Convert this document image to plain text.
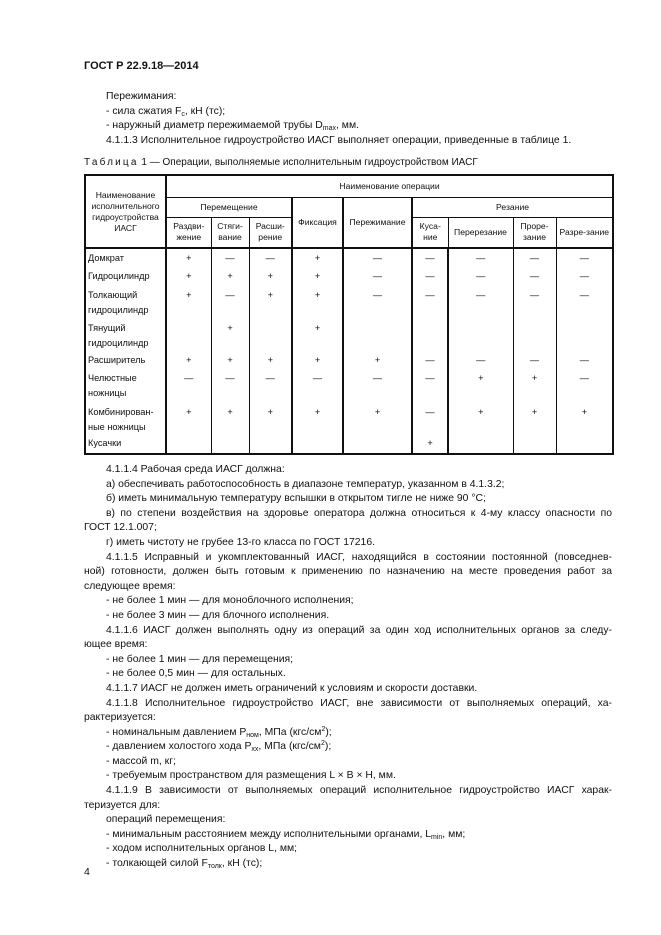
ГОСТ Р 22.9.18—2014
Пережимания:
- сила сжатия $F_c$, кН (тс);
- наружный диаметр пережимаемой трубы $D_{max}$, мм.
4.1.1.3 Исполнительное гидроустройство ИАСГ выполняет операции, приведенные в таблице 1.
Таблица 1 — Операции, выполняемые исполнительным гидроустройством ИАСГ
Наименование исполнительного гидроустройства ИАСГ	Наименование операции								
	Перемещение			Фиксация	Пережимание	Резание			
	Раздви-жение	Стяги-вание	Расши-рение			Куса-ние	Перерезание	Проре-зание	Разре-зание
Домкрат	+	—	—	+	—	—	—	—	—
Гидроцилиндр	+	+	+	+	—	—	—	—	—
Толкающий гидроцилиндр	+	—	+	+	—	—	—	—	—
Тянущий гидроцилиндр		+		+					
Расширитель	+	+	+	+	+	—	—	—	—
Челюстные ножницы	—	—	—	—	—	—	+	+	—
Комбинирован-ные ножницы	+	+	+	+	+	—	+	+	+
Кусачки						+			
4.1.1.4 Рабочая среда ИАСГ должна:
а) обеспечивать работоспособность в диапазоне температур, указанном в 4.1.3.2;
б) иметь минимальную температуру вспышки в открытом тигле не ниже 90 °С;
в) по степени воздействия на здоровье оператора должна относиться к 4-му классу опасности по
ГОСТ 12.1.007;
г) иметь чистоту не грубее 13-го класса по ГОСТ 17216.
4.1.1.5 Исправный и укомплектованный ИАСГ, находящийся в состоянии постоянной (повседнев-
ной) готовности, должен быть готовым к применению по назначению на месте проведения работ за
следующее время:
- не более 1 мин — для моноблочного исполнения;
- не более 3 мин — для блочного исполнения.
4.1.1.6 ИАСГ должен выполнять одну из операций за один ход исполнительных органов за следу-
ющее время:
- не более 1 мин — для перемещения;
- не более 0,5 мин — для остальных.
4.1.1.7 ИАСГ не должен иметь ограничений к условиям и скорости доставки.
4.1.1.8 Исполнительное гидроустройство ИАСГ, вне зависимости от выполняемых операций, ха-
рактеризуется:
- номинальным давлением $P_{ном}$, МПа $(кгс/см^2)$;
- давлением холостого хода $P_{хх}$, МПа $(кгс/см^2)$;
- массой m, кг;
- требуемым пространством для размещения L × B × H, мм.
4.1.1.9 В зависимости от выполняемых операций исполнительное гидроустройство ИАСГ харак-
теризуется для:
операций перемещения:
- минимальным расстоянием между исполнительными органами, $L_{min}$, мм;
- ходом исполнительных органов L, мм;
- толкающей силой $F_{толк}$, кН (тс);
4
